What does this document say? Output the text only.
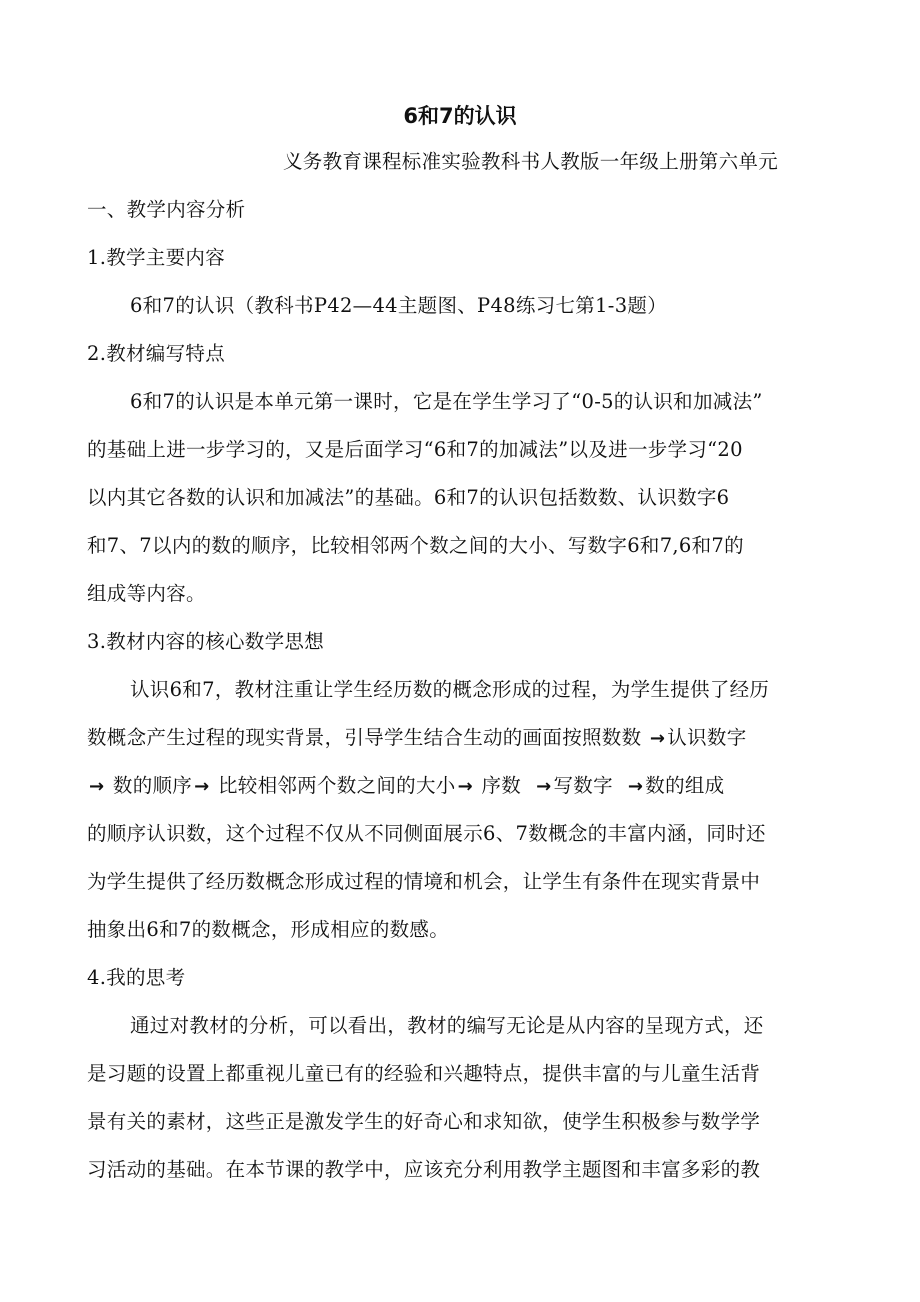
6和7的认识
义务教育课程标准实验教科书人教版一年级上册第六单元
一、教学内容分析
1.教学主要内容
6和7的认识（教科书P42—44主题图、P48练习七第1-3题）
2.教材编写特点
6和7的认识是本单元第一课时，它是在学生学习了“0-5的认识和加减法”
的基础上进一步学习的，又是后面学习“6和7的加减法”以及进一步学习“20
以内其它各数的认识和加减法”的基础。6和7的认识包括数数、认识数字6
和7、7以内的数的顺序，比较相邻两个数之间的大小、写数字6和7,6和7的
组成等内容。
3.教材内容的核心数学思想
认识6和7，教材注重让学生经历数的概念形成的过程，为学生提供了经历
数概念产生过程的现实背景，引导学生结合生动的画面按照数数 → 认识数字
→ 数的顺序 → 比较相邻两个数之间的大小 → 序数 → 写数字 → 数的组成
的顺序认识数，这个过程不仅从不同侧面展示6、7数概念的丰富内涵，同时还
为学生提供了经历数概念形成过程的情境和机会，让学生有条件在现实背景中
抽象出6和7的数概念，形成相应的数感。
4.我的思考
通过对教材的分析，可以看出，教材的编写无论是从内容的呈现方式，还
是习题的设置上都重视儿童已有的经验和兴趣特点，提供丰富的与儿童生活背
景有关的素材，这些正是激发学生的好奇心和求知欲，使学生积极参与数学学
习活动的基础。在本节课的教学中，应该充分利用教学主题图和丰富多彩的教
